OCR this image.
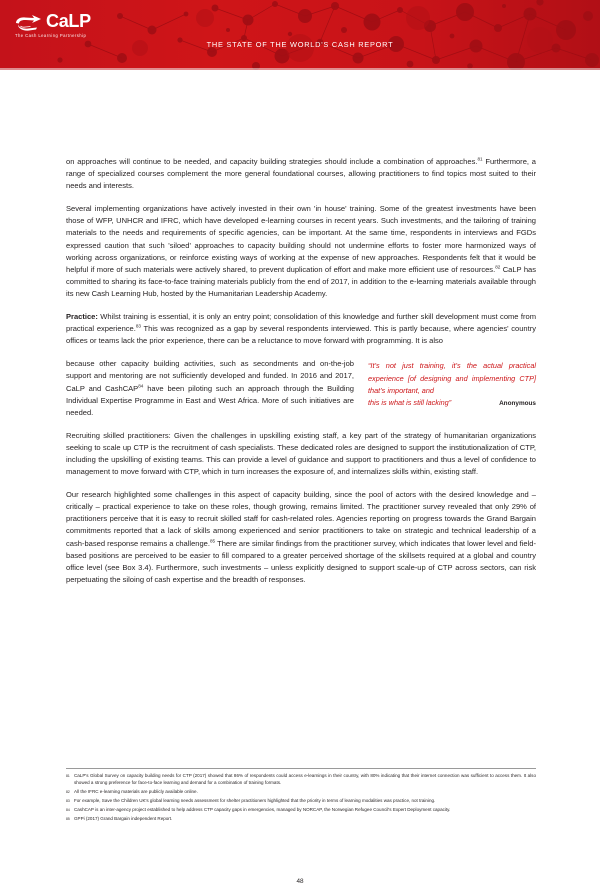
CaLP
The Cash Learning Partnership
THE STATE OF THE WORLD'S CASH REPORT

on approaches will continue to be needed, and capacity building strategies should include a combination of approaches.$^{81}$ Furthermore, a range of specialized courses complement the more general foundational courses, allowing practitioners to find topics most suited to their needs and interests.

Several implementing organizations have actively invested in their own 'in house' training. Some of the greatest investments have been those of WFP, UNHCR and IFRC, which have developed e-learning courses in recent years. Such investments, and the tailoring of training materials to the needs and requirements of specific agencies, can be important. At the same time, respondents in interviews and FGDs expressed caution that such 'siloed' approaches to capacity building should not undermine efforts to foster more harmonized ways of working across organizations, or reinforce existing ways of working at the expense of new approaches. Respondents felt that it would be helpful if more of such materials were actively shared, to prevent duplication of effort and make more efficient use of resources.$^{82}$ CaLP has committed to sharing its face-to-face training materials publicly from the end of 2017, in addition to the e-learning materials available through its new Cash Learning Hub, hosted by the Humanitarian Leadership Academy.

Practice: Whilst training is essential, it is only an entry point; consolidation of this knowledge and further skill development must come from practical experience.$^{83}$ This was recognized as a gap by several respondents interviewed. This is partly because, where agencies' country offices or teams lack the prior experience, there can be a reluctance to move forward with programming. It is also

“It’s not just training, it’s the actual practical experience [of designing and implementing CTP] that’s important, and
this is what is still lacking”	Anonymous
because other capacity building activities, such as secondments and on-the-job support and mentoring are not sufficiently developed and funded. In 2016 and 2017, CaLP and CashCAP$^{84}$ have been piloting such an approach through the Building Individual Expertise Programme in East and West Africa. More of such initiatives are needed.

Recruiting skilled practitioners: Given the challenges in upskilling existing staff, a key part of the strategy of humanitarian organizations seeking to scale up CTP is the recruitment of cash specialists. These dedicated roles are designed to support the institutionalization of CTP, including the upskilling of existing teams. This can provide a level of guidance and support to practitioners and thus a level of confidence to management to move forward with CTP, which in turn increases the exposure of, and internalizes skills within, existing staff.

Our research highlighted some challenges in this aspect of capacity building, since the pool of actors with the desired knowledge and – critically – practical experience to take on these roles, though growing, remains limited. The practitioner survey revealed that only 29% of practitioners perceive that it is easy to recruit skilled staff for cash-related roles. Agencies reporting on progress towards the Grand Bargain commitments reported that a lack of skills among experienced and senior practitioners to take on strategic and technical leadership of a cash-based response remains a challenge.$^{85}$ There are similar findings from the practitioner survey, which indicates that lower level and field-based positions are perceived to be easier to fill compared to a greater perceived shortage of the skillsets required at a global and country office level (see Box 3.4). Furthermore, such investments – unless explicitly designed to support scale-up of CTP across sectors, can risk perpetuating the siloing of cash expertise and the breadth of responses.

81 CaLP's Global Survey on capacity building needs for CTP (2017) showed that 86% of respondents could access e-learnings in their country, with 80% indicating that their internet connection was sufficient to access them. It also showed a strong preference for face-to-face learning and demand for a combination of training formats.
82 All the IFRC e-learning materials are publicly available online.
83 For example, Save the Children UK's global learning needs assessment for shelter practitioners highlighted that the priority in terms of learning modalities was practice, not training.
84 CashCAP is an inter-agency project established to help address CTP capacity gaps in emergencies, managed by NORCAP, the Norwegian Refugee Council's Expert Deployment capacity.
85 GPPi (2017) Grand Bargain independent Report.
48
